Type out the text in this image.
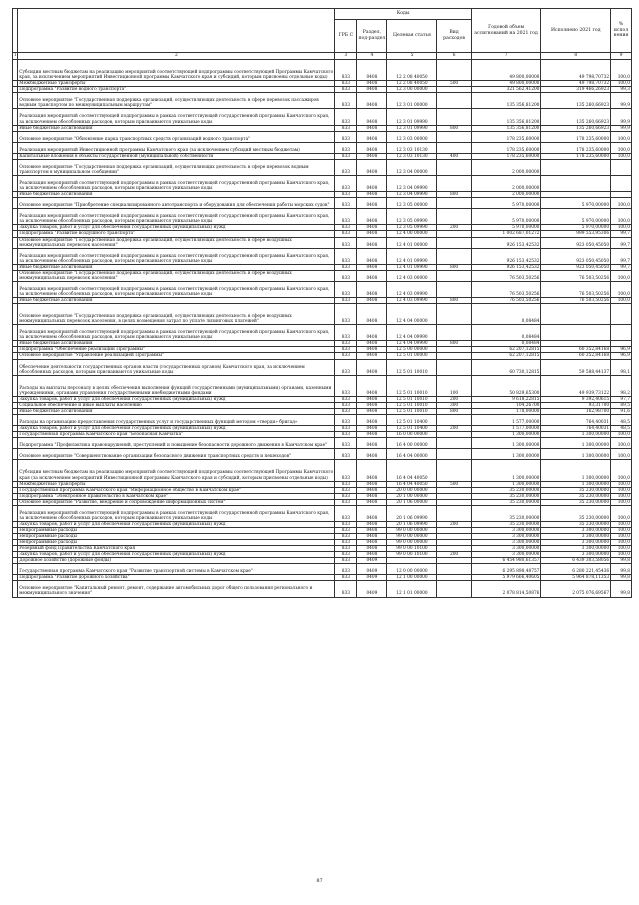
		Коды				Годовой объем ассигнований на 2021 год	Исполнено 2021 год	% испол нения
		ГРБ С	Раздел, под-раздел	Целевая статья	Вид расходов			
1	2	3	4	5	6	7	8	9
	Субсидии местным бюджетам на реализацию мероприятий соответствующей подпрограммы соответствующей Программы Камчатского края, за исключением мероприятий Инвестиционной программы Камчатского края и субсидий, которым присвоены отдельные коды)	833	0408	12 2 08 40050		49 800,00000	49 798,70732	100,0
	Межбюджетные трансферты	833	0408	12 2 08 40050	500	49 800,00000	49 798,70732	100,0
	Подпрограмма "Развитие водного транспорта"	833	0408	12 3 00 00000		321 562,41200	319 466,26923	99,3
	Основное мероприятие "Государственная поддержка организаций, осуществляющих деятельность в сфере перевозок пассажиров водным транспортом по межмуниципальным маршрутам"	833	0408	12 3 01 00000		135 356,81200	135 260,66923	99,9
	Реализация мероприятий соответствующей подпрограммы в рамках соответствующей государственной программы Камчатского края, за исключением обособленных расходов, которым присваиваются уникальные коды	833	0408	12 3 01 09990		135 356,81200	135 260,66923	99,9
	Иные бюджетные ассигнования	833	0408	12 3 01 09990	800	135 356,81200	135 260,66923	99,9
	Основное мероприятие "Обновление парка транспортных средств организаций водного транспорта"	833	0408	12 3 03 00000		178 235,60000	178 235,60000	100,0
	Реализация мероприятий Инвестиционной программы Камчатского края (за исключением субсидий местным бюджетам)	833	0408	12 3 03 10130		178 235,60000	178 235,60000	100,0
	Капитальные вложения в объекты государственной (муниципальной) собственности	833	0408	12 3 03 10130	400	178 235,60000	178 235,60000	100,0
	Основное мероприятие "Государственная поддержка организаций, осуществляющих деятельность в сфере перевозок водным транспортом в муниципальном сообщении"	833	0408	12 3 04 00000		2 000,00000		
	Реализация мероприятий соответствующей подпрограммы в рамках соответствующей государственной программы Камчатского края, за исключением обособленных расходов, которым присваиваются уникальные коды	833	0408	12 3 04 09990		2 000,00000		
	Иные бюджетные ассигнования	833	0408	12 3 04 09990	800	2 000,00000		
	Основное мероприятие "Приобретение специализированного автотранспорта и оборудования для обеспечения работы морских судов"	833	0408	12 3 05 00000		5 970,00000	5 970,00000	100,0
	Реализация мероприятий соответствующей подпрограммы в рамках соответствующей государственной программы Камчатского края, за исключением обособленных расходов, которым присваиваются уникальные коды	833	0408	12 3 05 09990		5 970,00000	5 970,00000	100,0
	Закупка товаров, работ и услуг для обеспечения государственных (муниципальных) нужд	833	0408	12 3 05 09990	200	5 970,00000	5 970,00000	100,0
	Подпрограмма "Развитие воздушного транспорта"	833	0408	12 4 00 00000		1 002 687,01272	999 553,95306	99,7
	Основное мероприятие "Государственная поддержка организаций, осуществляющих деятельность в сфере воздушных межмуниципальных перевозок населения"	833	0408	12 4 01 00000		926 153,42532	923 050,45050	99,7
	Реализация мероприятий соответствующей подпрограммы в рамках соответствующей государственной программы Камчатского края, за исключением обособленных расходов, которым присваиваются уникальные коды	833	0408	12 4 01 09990		926 153,42532	923 050,45050	99,7
	Иные бюджетные ассигнования	833	0408	12 4 01 09990	800	926 153,42532	923 050,45050	99,7
	Основное мероприятие "Государственная поддержка организаций, осуществляющих деятельность в сфере воздушных межмуниципальных перевозок населения"	833	0408	12 4 03 00000		76 503,50256	76 503,50256	100,0
	Реализация мероприятий соответствующей подпрограммы в рамках соответствующей государственной программы Камчатского края, за исключением обособленных расходов, которым присваиваются уникальные коды	833	0408	12 4 03 09990		76 503,50256	76 503,50256	100,0
	Иные бюджетные ассигнования	833	0408	12 4 03 09990	800	76 503,50256	76 503,50256	100,0
	Основное мероприятие "Государственная поддержка организаций, осуществляющих деятельность в сфере воздушных межмуниципальных перевозок населения, в целях возмещения затрат по уплате лизинговых платежей"	833	0408	12 4 04 00000		0,08484		
	Реализация мероприятий соответствующей подпрограммы в рамках соответствующей государственной программы Камчатского края, за исключением обособленных расходов, которым присваиваются уникальные коды	833	0408	12 4 04 09990		0,08484		
	Иные бюджетные ассигнования	833	0408	12 4 04 09990	800	0,08484		
	Подпрограмма "Обеспечение реализации Программы"	833	0408	12 5 00 00000		62 207,12815	60 352,84168	96,9
	Основное мероприятие "Управление реализацией Программы"	833	0408	12 5 01 00000		62 207,12815	60 352,84168	96,9
	Обеспечение деятельности государственных органов власти (государственных органов) Камчатского края, за исключением обособленных расходов, которым присваиваются уникальные коды	833	0408	12 5 01 10010		60 730,12815	59 588,44137	98,1
	Расходы на выплаты персоналу в целях обеспечения выполнения функций государственными (муниципальными) органами, казенными учреждениями, органами управления государственными внебюджетными фондами	833	0408	12 5 01 10010	100	50 829,65300	49 939,73122	98,2
	Закупка товаров, работ и услуг для обеспечения государственных (муниципальных) нужд	833	0408	12 5 01 10010	200	9 618,22815	9 392,40615	97,7
	Социальное обеспечение и иные выплаты населению	833	0408	12 5 01 10010	300	104,26700	93,31700	89,5
	Иные бюджетные ассигнования	833	0408	12 5 01 10010	800	178,00000	162,98700	91,6
	Расходы на организацию предоставления государственных услуг и государственных функций методом «тверди» бригад»	833	0408	12 5 01 10400		1 577,00000	764,40031	48,5
	Закупка товаров, работ и услуг для обеспечения государственных (муниципальных) нужд	833	0408	12 5 01 10400	200	1 577,00000	764,40031	48,5
	Государственная программа Камчатского края "Безопасная Камчатка"	833	0408	16 0 00 00000		1 300,00000	1 300,00000	100,0
	Подпрограмма "Профилактика правонарушений, преступлений и повышение безопасности дорожного движения в Камчатском крае"	833	0408	16 4 00 00000		1 300,00000	1 300,00000	100,0
	Основное мероприятие "Совершенствование организации безопасного движения транспортных средств и пешеходов"	833	0408	16 4 04 00000		1 300,00000	1 300,00000	100,0
	Субсидии местным бюджетам на реализацию мероприятий соответствующей подпрограммы соответствующей Программы Камчатского края (за исключением мероприятий Инвестиционной программы Камчатского края и субсидий, которым присвоены отдельные коды)	833	0408	16 4 04 40050		1 300,00000	1 300,00000	100,0
	Межбюджетные трансферты	833	0408	16 4 04 40050	500	1 300,00000	1 300,00000	100,0
	Государственная программа Камчатского края "Информационное общество в Камчатском крае"	833	0408	20 0 00 00000		35 230,00000	35 230,00000	100,0
	Подпрограмма "Электронное правительство в Камчатском крае"	833	0408	20 1 00 00000		35 230,00000	35 230,00000	100,0
	Основное мероприятие "Развитие, внедрение и сопровождение информационных систем"	833	0408	20 1 06 00000		35 230,00000	35 230,00000	100,0
	Реализация мероприятий соответствующей подпрограммы в рамках соответствующей государственной программы Камчатского края, за исключением обособленных расходов, которым присваиваются уникальные коды	833	0408	20 1 06 09990		35 230,00000	35 230,00000	100,0
	Закупка товаров, работ и услуг для обеспечения государственных (муниципальных) нужд	833	0408	20 1 06 09990	200	35 230,00000	35 230,00000	100,0
	Непрограммные расходы	833	0408	99 0 00 00000		3 300,00000	3 300,00000	100,0
	Непрограммные расходы	833	0408	99 0 00 00000		3 300,00000	3 300,00000	100,0
	Непрограммные расходы	833	0408	99 0 00 00000		3 300,00000	3 300,00000	100,0
	Резервный фонд Правительства Камчатского края	833	0408	99 0 00 10100		3 300,00000	3 300,00000	100,0
	Закупка товаров, работ и услуг для обеспечения государственных (муниципальных) нужд	833	0408	99 0 00 10100	200	3 300,00000	3 300,00000	100,0
	Дорожное хозяйство (дорожные фонды)	833	0409			6 454 980,61357	6 439 303,58056	99,8
	Государственная программа Камчатского края "Развитие транспортной системы в Камчатском крае"	833	0409	12 0 00 00000		6 295 898,48757	6 280 221,45436	99,8
	Подпрограмма "Развитие дорожного хозяйства"	833	0409	12 1 00 00000		5 979 666,40605	5 964 878,11353	99,8
	Основное мероприятие "Капитальный ремонт, ремонт, содержание автомобильных дорог общего пользования регионального и межмуниципального значения"	833	0409	12 1 01 00000		2 078 814,50876	2 075 076,69567	99,8
87
